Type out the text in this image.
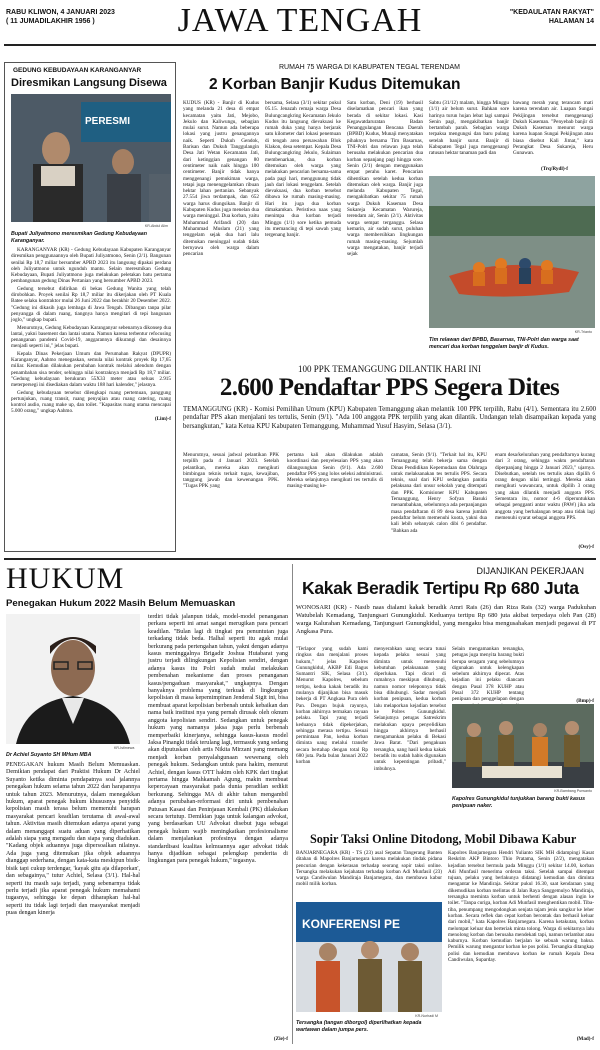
RABU KLIWON, 4 JANUARI 2023
( 11 JUMADILAKHIR 1956 )	JAWA TENGAH	"KEDAULATAN RAKYAT"
HALAMAN 14
GEDUNG KEBUDAYAAN KARANGANYAR
Diresmikan Langsung Disewa
PERESMI
KR-Abdul Alim
Bupati Juliyatmono meresmikan Gedung Kebudayaan Karanganyar.

KARANGANYAR (KR) - Gedung Kebudayaan Kabupaten Karanganyar diresmikan penggunaannya oleh Bupati Juliyatmono, Senin (2/1). Bangunan senilai Rp 18,7 miliar bersumber APBD 2023 itu langsung dipakai perdana oleh Juliyatmono untuk ngunduh mantu. Selain meresmikan Gedung Kebudayaan, Bupati Juliyatmono juga melakukan peletakan batu pertama pembangunan gedung Dinas Pertanian yang bersumber APBD 2023.

Gedung tersebut didirikan di bekas Gedung Wanita yang telah dirobohkan. Proyek senilai Rp 18,7 miliar itu dikerjakan oleh PT Kuala Batee selaku kontraktor mulai 26 Juni 2022 dan berakhir 20 Desember 2022. "Gedung ini dikasih juga lembaga di Jawa Tengah. Dibangun tanpa pilar penyangga di dalam ruang, tiangnya hanya mengitari di tepi bangunan joglo," ungkap bupati.

Menurutnya, Gedung Kebudayaan Karanganyar sebenarnya dikonsep dua lantai, yakni basement dan lantai utama. Namun karena terbentur refocusing penanganan pandemi Covid-19, anggarannya dikurangi dan desainnya menjadi seperti ini," jelas bupati.

Kepala Dinas Pekerjaan Umum dan Perumahan Rakyat (DPUPR) Karanganyar, Aahmo menegaskan, semula nilai kontrak proyek Rp 17,65 miliar. Kemudian dilakukan perubahan kontrak melalui adendum dengan penambahan sisa tender, sehingga nilai kontraknya menjadi Rp 18,7 miliar. "Gedung kebudayaan berukuran 55X33 meter atau seluas 2.915 meterpersegi ini disediakan dalam waktu 188 hari kalender," jelasnya.

Gedung kebudayaan tersebut dilengkapi ruang pertemuan, panggung pertunjukan, ruang transit, ruang penyajian atau ruang catering, ruang kontrol audio, ruang make up, dan toilet. "Kapasitas ruang utama mencapai 5.000 orang," ungkap Aahmo.

(Lim)-f

RUMAH 75 WARGA DI KABUPATEN TEGAL TERENDAM
2 Korban Banjir Kudus Ditemukan
KUDUS (KR) - Banjir di Kudus yang melanda 21 desa di empat kecamatan yaitu Jati, Mejobo, Jekulo dan Kaliwungu, sebagian mulai surut. Namun ada beberapa lokasi yang justru genangannya naik. Seperti Dukuh Gendok, Barisan dan Dukuh Tanggulangin Desa Jati Wetan Kecamatan Jati, dari ketinggian genangan 80 centimeter naik naik hingga 100 centimeter. Banjir tidak hanya menggenangi pemukiman warga, tetapi juga menenggelamkan ribuan hektar lahan pertanian. Sebanyak 27.554 jiwa terdampak, dan 652 warga harus diungsikan. Banjir di Kabupaten Kudus juga menelan dua warga meninggal. Dua korban, yaitu Muhammad Arifandi (20) dan Muhammad Muslam (21) yang tenggelam sejak dua hari lalu ditemukan meninggal sudah tidak bernyawa oleh warga dalam pencarian
bersama, Selasa (3/1) sekitar pukul 05.15. Jenazah remaja warga Desa Bulungcangkring Kecamatan Jekulo Kudus itu langsung dievakuasi ke rumah duka yang hanya berjarak satu kilometer dari lokasi penemuan di tengah area persawahan Blok Klakon, desa setempat. Kepala Desa Bulungcangkring Jekulo, Sulaiman membenarkan, dua korban ditemukan oleh warga yang melakukan pencarian bersama-sama pada pagi hari, menggunung tidak jauh dari lokasi tenggelam. Setelah dievakuasi, dua korban tersebut dibawa ke rumah masing-masing. Hari itu juga dua korban dimakamkan. Peristiwa naas yang menimpa dua korban terjadi Minggu (1/1) sore ketika pemuda itu memancing di tepi sawah yang tergenang banjir.
Satu korban, Deni (19) berhasil diselamatkan pencari ikan yang berada di sekitar lokasi. Kasi Kegawatdaruratan Badan Penanggulangan Bencana Daerah (BPBD) Kudus, Munaji menyatakan pihaknya bersama Tim Basarnas, TNI-Polri dan relawan juga telah berusaha melakukan pencarian dua korban sepanjang pagi hingga sore. Senin (2/1) dengan menggunakan empat perahu karet. Pencarian dihentikan setelah kedua korban ditemukan oleh warga. Banjir juga melanda Kabupaten Tegal, mengakibatkan sekitar 75 rumah warga Dukuh Kaseman Desa Sukareja Kecamatan Warureja, terendam air, Senin (2/1). Aktivitas warga sempat terganggu. Selasa kemarin, air sudah surut, puluhan warga membersihkan lingkungan rumah masing-masing. Sejumlah warga mengatakan, banjir terjadi sejak
Sabtu (31/12) malam, hingga Minggu (1/1) air belum surut. Bahkan sore harinya turun hujan lebat lagi sampai Senin pagi, mengakibatkan banjir bertambah parah. Sebagian warga terpaksa mengungsi dan baru pulang setelah banjir surut. Banjir di Kabupaten Tegal juga menggenangi ratusan hektar tanaman padi dan
bawang merah yang terancam mati karena terendam air. Luapan Sungai Pekijingan tersebut menggenangi Dukuh Kaseman. "Penyebab banjir di Dukuh Kaseman menurut warga karena luapan Sungai Pekijingan atau biasa disebut Kali Jimat," kata Perangkat Desa Sukareja, Heru Gunawan.
(Trq/Rydl)-f
KR-Trianto
Tim relawan dari BPBD, Basarnas, TNI-Polri dan warga saat mencari dua korban tenggelam banjir di Kudus.
100 PPK TEMANGGUNG DILANTIK HARI INI
2.600 Pendaftar PPS Segera Dites
TEMANGGUNG (KR) - Komisi Pemilihan Umum (KPU) Kabupaten Temanggung akan melantik 100 PPK terpilih, Rabu (4/1). Sementara itu 2.600 pendaftar PPS akan menjalani tes tertulis, Senin (9/1). "Ada 100 anggota PPK terpilih yang akan dilantik. Undangan telah disampaikan kepada yang bersangkutan," kata Ketua KPU Kabupaten Temanggung, Muhammad Yusuf Hasyim, Selasa (3/1).
Menurutnya, sesuai jadwal pelantikan PPK terpilih pada 4 Januari 2023. Setelah pelantikan, mereka akan mengikuti bimbingan teknis terkait tugas, kewajiban, tanggung jawab dan kewenangan PPK. "Tugas PPK yang
pertama kali akan dilakukan adalah koordinasi dan penyelesaian PPS yang akan dilangsungkan Senin (9/1). Ada 2.600 pendaftar PPS yang lolos seleksi administrasi. Mereka selanjutnya mengikuti tes tertulis di masing-masing ke-
camatan, Senin (9/1). "Terkait hal itu, KPU Temanggung telah bekerja sama dengan Dinas Pendidikan Kepemudaan dan Olahraga untuk melaksanakan tes tertulis PPS. Secara teknis, soal dari KPU sedangkan panitia pelaksana dari unsur sekolah yang ditempati dan PPK. Komisioner KPU Kabupaten Temanggung, Henry Sofyan Basuki menambahkan, sebelumnya ada perpanjangan masa pendaftaran di 89 desa karena jumlah pendaftar belum memenuhi kuota, yakni dua kali lebih sebanyak calon dibi 6 pendaftar. "Bahkan ada
enam desa/kelurahan yang pendaftarnya kurang dari 3 orang, sehingga waktu pendaftaran diperpanjang hingga 2 Januari 2023," ujarnya. Disebutkan, setelah tes tertulis akan dipilih 6 orang dengan nilai tertinggi. Mereka akan mengikuti wawancara, untuk dipilih 3 orang yang akan dilantik menjadi anggota PPS. Sementara itu, nomor 4-6 diperuntukkan sebagai pengganti antar waktu (PAW) jika ada anggota yang berhalangan tetap atau tidak lagi memenuhi syarat sebagai anggota PPS.
(Osy)-f
HUKUM
Penegakan Hukum 2022 Masih Belum Memuaskan
KR-Istimewa
Dr Achiel Suyanto SH MHum MBA
PENEGAKAN hukum Masih Belum Memuaskan. Demikian pendapat dari Praktisi Hukum Dr Achiel Suyanto ketika diminta pendapatnya soal jalannya penegakan hukum selama tahun 2022 dan harapannya untuk tahun 2023. Menurutnya, dalam menegakkan hukum, aparat penegak hukum khususnya penyidik kepolisian masih terasa belum memenuhi harapan masyarakat pencari keadilan terutama di awal-awal tahun. Aktivitas masih ditemukan adanya aparat yang dalam menanggapi suatu aduan yang diperhatikan adalah siapa yang mengadu dan siapa yang diadukan. "Kadang objek aduannya juga dipersoalkan nilainya. Ada juga yang ditemukan jika objek aduannya dianggap sederhana, dengan kata-kata meskipun bisik-bisik tapi cukup terdengar, 'kayak gitu aja dilaporkan', dan sebagainya," tutur Achiel, Selasa (3/1). Hal-hal seperti itu masih saja terjadi, yang sebenarnya tidak perlu terjadi jika aparat penegak hukum memahami tugasnya, sehingga ke depan diharapkan hal-hal seperti itu tidak lagi terjadi dan masyarakat menjadi puas dengan kinerja
terdiri tidak jalanpun tidak, model-model penanganan perkara seperti ini amat sangat merugikan para pencari keadilan. "Bulan lagi di tingkat pra penuntutan juga terkadang tidak beda. Halhal seperti itu agak mulai berkurang pada pertengahan tahun, yakni dengan adanya kasus meninggalnya Brigadir Joshua Hutabarat yang justru terjadi dilingkungan Kepolisian sendiri, dengan adanya kasus itu Polri sudah mulai melakukan pembenahan mekanisme dan proses penanganan kasus/pengaduan masyarakat," ungkapnya. Dengan banyaknya problema yang terkuak di lingkungan kepolisian di masa kepemimpinan Jenderal Sigit ini, bisa membuat aparat kepolisian berbenah untuk kebaikan dan nama baik institusi nya yang pernah dirusak oleh oknum anggota kepolisian sendiri. Sedangkan untuk penegak hukum yang namanya jaksa juga perlu berbenah memperbaiki kinerjanya, sehingga kasus-kasus model Jaksa Pinangki tidak terulang lagi, termasuk yang sedang akan diputuskan oleh artis Nikita Mirzani yang memang menjadi korban penyalahgunaan wewenang oleh penegak hukum. Sedangkan untuk para hakim, menurut Achiel, dengan kasus OTT hakim oleh KPK dari tingkat pertama hingga Mahkamah Agung, makin membuat kepercayaan masyarakat pada dunia peradilan sedikit berkurang. Sehingga MA di akhir tahun mengambil adanya perubahan-reformasi diri untuk pembenahan Putusan Kasasi dan Peninjauan Kembali (PK) dilakukan secara tertutup. Demikian juga untuk kalangan advokat, yang berdasarkan UU Advokat disebut juga sebagai penegak hukum wajib meningkatkan profesionalisme dalam menjalankan profesinya dengan adanya standardisasi kualitas kelmuannya agar advokat tidak hanya dijadikan sebagai pelengkap penderita di lingkungan para penegak hukum," tegasnya.
(Zie)-f
DIJANJIKAN PEKERJAAN
Kakak Beradik Tertipu Rp 680 Juta
WONOSARI (KR) - Nasib naas dialami kakak beradik Amri Rais (26) dan Riza Rais (32) warga Padukuhan Watubelah Kemadang, Tanjungsari Gunungkidul. Keduanya tertipu Rp 680 juta akibat terpedaya oleh Pan (28) warga Kalurahan Kemadang, Tanjungsari Gunungkidul, yang mengaku bisa mengusahakan menjadi pegawai di PT Angkasa Pura.
"Terlapor yang sudah kami ringkus dan menjalani proses hukum," jelas Kapolres Gunungkidul, AKBP Edi Bagus Sumantri SIK, Selasa (3/1). Menurut Kapolres, sebelum tertipu, kedua kakak beradik itu mulanya dijanjikan bisa masuk bekerja di PT Angkasa Pura oleh Pan. Dengan bujuk rayunya, korban akhirnya termakan rayuan pelaku. Tapi yang terjadi keduanya tidak dipekerjakan, sehingga merasa tertipu. Sesuai permintaan Pan, kedua korban diminta uang melalui transfer secara bertahap dengan total Rp 680 juta. Pada bulan Januari 2022 korban
menyerahkan uang secara tunai kepada pelaku sesuai yang diminta untuk memenuhi kebutuhan pelaksanaan yang diperlukan. Tapi dicuri di rumahnya meskipun dihubungi, namun nomor teleponnya tidak bisa dihubungi. Sadar menjadi korban penipuan, kedua korban lalu melaporkan kejadian tersebut ke Polres Gunungkidul. Selanjutnya petugas Satreskrim melakukan upaya penyelidikan hingga akhirnya berhasil mengamankan pelaku di Bekasi Jawa Barat. "Dari pengakuan tersangka, uang hasil kedua kakak beradik itu sudah habis digunakan untuk kepentingan pribadi," imbuhnya.
Selain mengamankan tersangka, petugas juga menyita barang bukti berupa seragam yang sebelumnya digunakan untuk kelengkapan sebelum akhirnya dipecat. Atas kejadian ini pelaku diancam dengan Pasal 378 KUHP atau Pasal 372 KUHP tentang penipuan dan penggelapan dengan
KR-Bambang Purwanto
Kapolres Gunungkidul tunjukkan barang bukti kasus penipuan naker.
(Bmp)-f
Sopir Taksi Online Ditodong, Mobil Dibawa Kabur
BANJARNEGARA (KR) - TS (23) asal Sepatan Tangerang Banten ditahan di Mapolres Banjarnegara karena melakukan tindak pidana pencurian dengan kekerasan terhadap seorang sopir taksi online. Tersangka melakukan kejahatan terhadap korban Adi Munfasil (23) warga Candiwulan Mandiraja Banjarnegara, dan membawa kabur mobil milik korban.
KONFERENSI PE
KR-Nurhadi M
Tersangka (tangan diborgol) diperlihatkan kepada wartawan dalam jumpa pers.
Kapolres Banjarnegara Hendri Yulianto SIK MH didampingi Kasat Reskrim AKP Bintoro Thio Pratama, Senin (2/2), mengatakan kejadian tersebut bermula pada Minggu (1/1) sekitar 14.00, korban Adi Munfasil menerima orderan taksi. Setelah sampai ditempat tujuan, pelaku yang berlakunya didatangi kemudian dan diminta mengantar ke Mandiraja. Sekitar pukul 16.30, saat kendaraan yang dikemudikan korban melintas di Jalan Raya Sanggemulyo Mandiraja, tersangka meminta korban untuk berhenti dengan alasan ingin ke toilet. "Tanpa curiga, korban Adi Munfasil menghentikan mobil. Tiba-tiba, penumpang mengodongkan senjata tajam jenis sangkur ke leher korban. Secara reflek dan cepat korban berontak dan berhasil keluar dari mobil," kata Kapolres Banjarnegara. Karena ketakutan, korban melompat keluar dan berteriak minta tolong. Warga di sekitarnya lalu menolong korban dan berusaha mendekati tapi, namun terlambat atau kaburnya. Korban kemudian berjalan ke sebuah warung baksa. Pemilik warung mengantar korban ke pos polisi. Tersangka ditangkap polisi dan kemudian membawa korban ke rumah Kepala Desa Candiwulan, Suparday.
(Mad)-f
